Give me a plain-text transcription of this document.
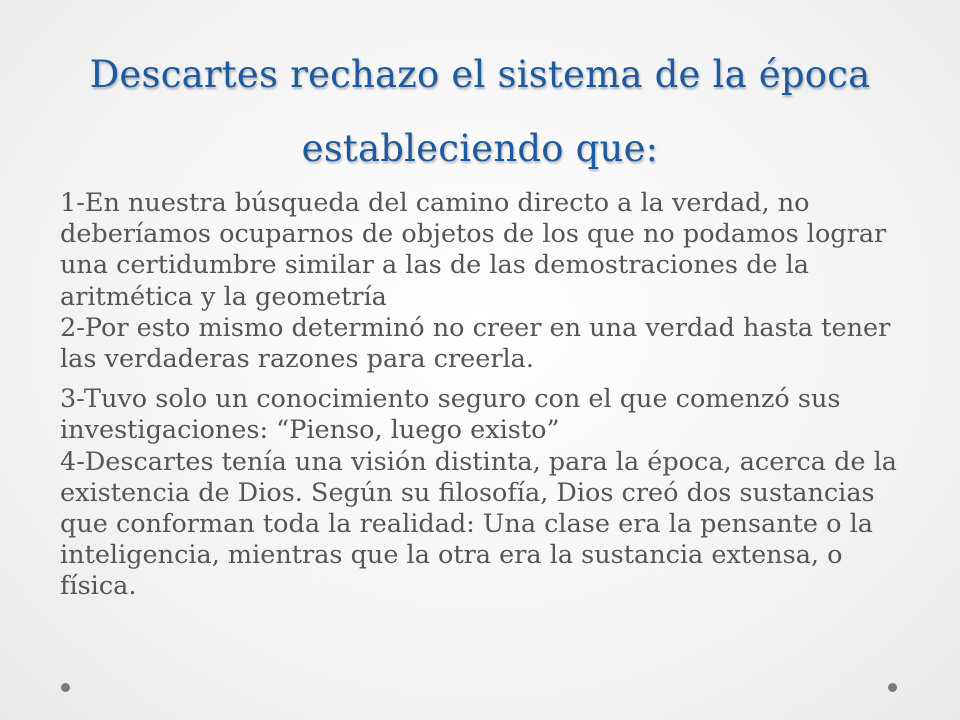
Descartes rechazo el sistema de la época estableciendo que:

1-En nuestra búsqueda del camino directo a la verdad, no deberíamos ocuparnos de objetos de los que no podamos lograr una certidumbre similar a las de las demostraciones de la aritmética y la geometría

2-Por esto mismo determinó no creer en una verdad hasta tener las verdaderas razones para creerla.

3-Tuvo solo un conocimiento seguro con el que comenzó sus investigaciones: “Pienso, luego existo”

4-Descartes tenía una visión distinta, para la época, acerca de la existencia de Dios. Según su filosofía, Dios creó dos sustancias que conforman toda la realidad: Una clase era la pensante o la inteligencia, mientras que la otra era la sustancia extensa, o física.
